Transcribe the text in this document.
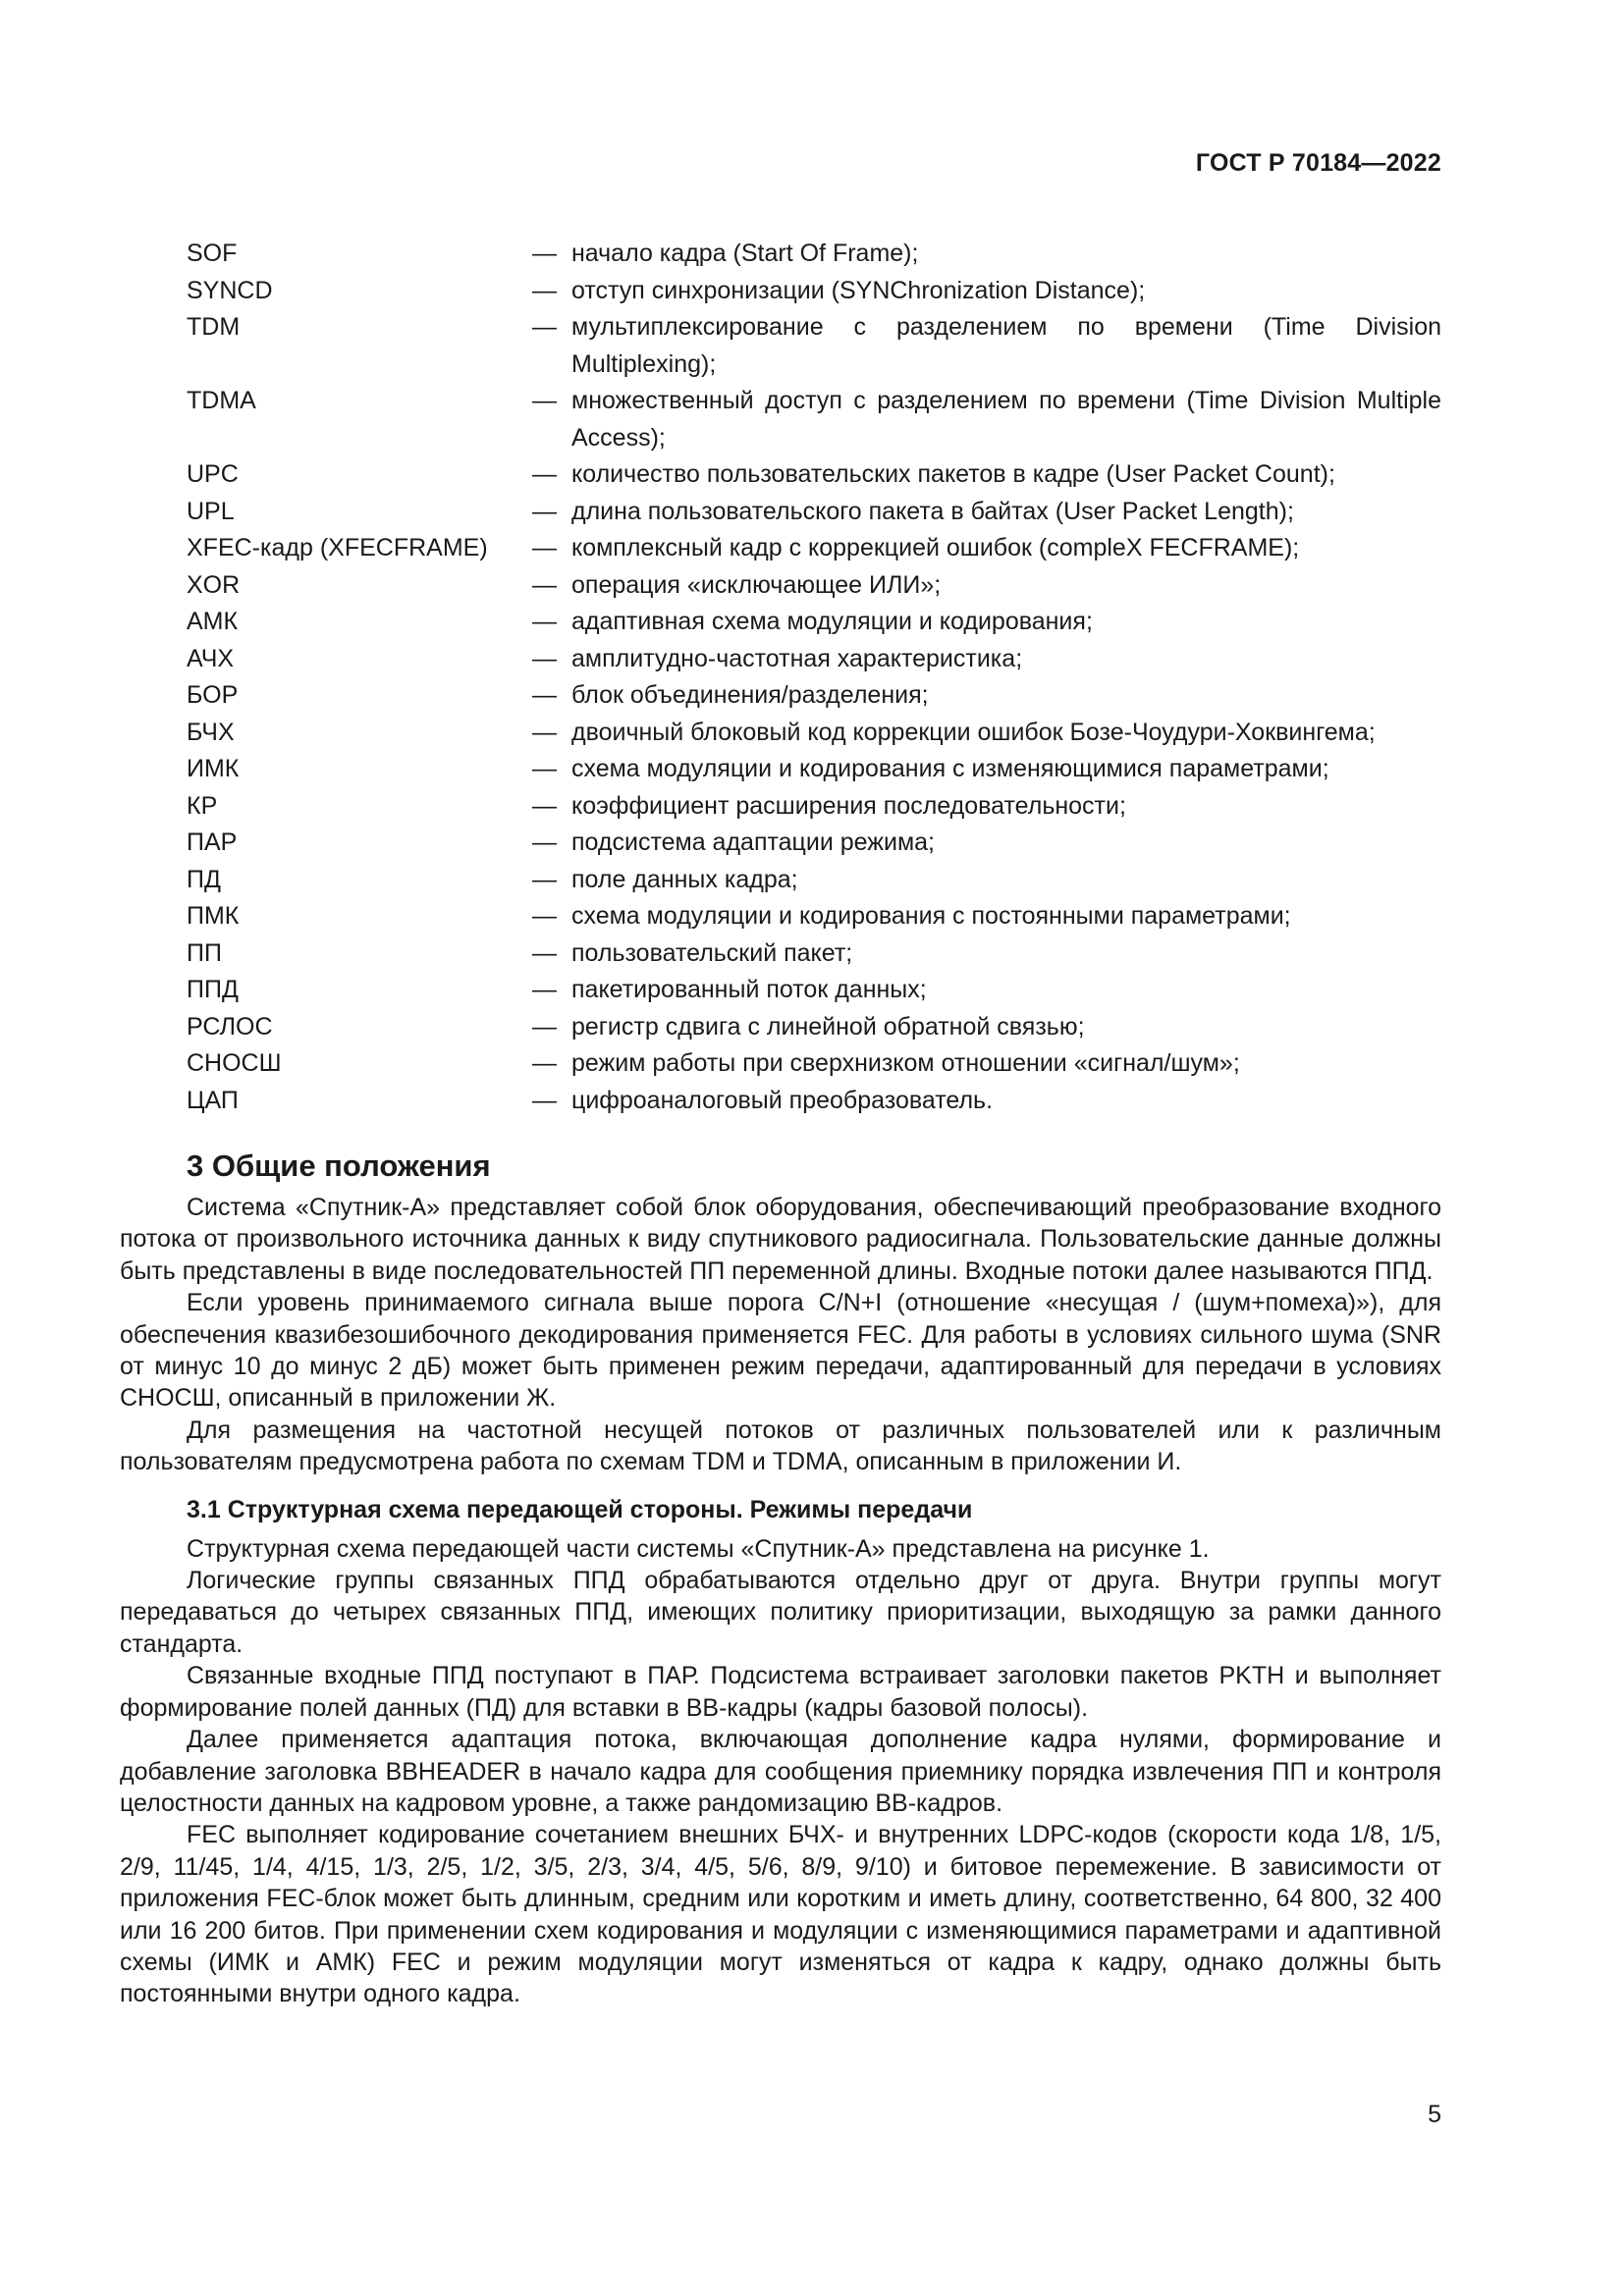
ГОСТ Р 70184—2022
SOF	— начало кадра (Start Of Frame);
SYNCD	— отступ синхронизации (SYNChronization Distance);
TDM	— мультиплексирование с разделением по времени (Time Division Multiplexing);
TDMA	— множественный доступ с разделением по времени (Time Division Multiple Access);
UPC	— количество пользовательских пакетов в кадре (User Packet Count);
UPL	— длина пользовательского пакета в байтах (User Packet Length);
XFEC-кадр (XFECFRAME)	— комплексный кадр с коррекцией ошибок (compleX FECFRAME);
XOR	— операция «исключающее ИЛИ»;
АМК	— адаптивная схема модуляции и кодирования;
АЧХ	— амплитудно-частотная характеристика;
БОР	— блок объединения/разделения;
БЧХ	— двоичный блоковый код коррекции ошибок Бозе-Чоудури-Хоквингема;
ИМК	— схема модуляции и кодирования с изменяющимися параметрами;
КР	— коэффициент расширения последовательности;
ПАР	— подсистема адаптации режима;
ПД	— поле данных кадра;
ПМК	— схема модуляции и кодирования с постоянными параметрами;
ПП	— пользовательский пакет;
ППД	— пакетированный поток данных;
РСЛОС	— регистр сдвига с линейной обратной связью;
СНОСШ	— режим работы при сверхнизком отношении «сигнал/шум»;
ЦАП	— цифроаналоговый преобразователь.
3 Общие положения

Система «Спутник-А» представляет собой блок оборудования, обеспечивающий преобразование входного потока от произвольного источника данных к виду спутникового радиосигнала. Пользовательские данные должны быть представлены в виде последовательностей ПП переменной длины. Входные потоки далее называются ППД.

Если уровень принимаемого сигнала выше порога C/N+I (отношение «несущая / (шум+помеха)»), для обеспечения квазибезошибочного декодирования применяется FEC. Для работы в условиях сильного шума (SNR от минус 10 до минус 2 дБ) может быть применен режим передачи, адаптированный для передачи в условиях СНОСШ, описанный в приложении Ж.

Для размещения на частотной несущей потоков от различных пользователей или к различным пользователям предусмотрена работа по схемам TDM и TDMA, описанным в приложении И.

3.1 Структурная схема передающей стороны. Режимы передачи

Структурная схема передающей части системы «Спутник-А» представлена на рисунке 1.

Логические группы связанных ППД обрабатываются отдельно друг от друга. Внутри группы могут передаваться до четырех связанных ППД, имеющих политику приоритизации, выходящую за рамки данного стандарта.

Связанные входные ППД поступают в ПАР. Подсистема встраивает заголовки пакетов PKTH и выполняет формирование полей данных (ПД) для вставки в BB-кадры (кадры базовой полосы).

Далее применяется адаптация потока, включающая дополнение кадра нулями, формирование и добавление заголовка BBHEADER в начало кадра для сообщения приемнику порядка извлечения ПП и контроля целостности данных на кадровом уровне, а также рандомизацию BB-кадров.

FEC выполняет кодирование сочетанием внешних БЧХ- и внутренних LDPC-кодов (скорости кода 1/8, 1/5, 2/9, 11/45, 1/4, 4/15, 1/3, 2/5, 1/2, 3/5, 2/3, 3/4, 4/5, 5/6, 8/9, 9/10) и битовое перемежение. В зависимости от приложения FEC-блок может быть длинным, средним или коротким и иметь длину, соответственно, 64 800, 32 400 или 16 200 битов. При применении схем кодирования и модуляции с изменяющимися параметрами и адаптивной схемы (ИМК и АМК) FEC и режим модуляции могут изменяться от кадра к кадру, однако должны быть постоянными внутри одного кадра.

5
